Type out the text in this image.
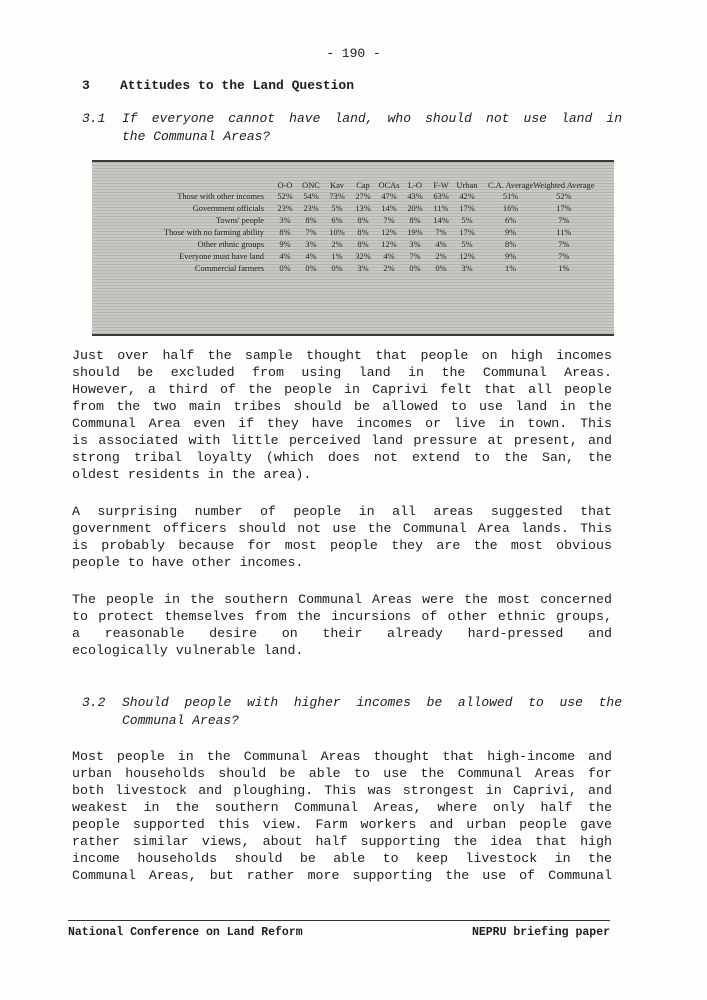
- 190 -
3 Attitudes to the Land Question
3.1 If everyone cannot have land, who should not use land in
the Communal Areas?
	O-O	ONC	Kav	Cap	OCAs	L-O	F-W	Urban		C.A. Average	Weighted Average
Those with other incomes	52%	54%	73%	27%	47%	43%	63%	42%		51%	52%
Government officials	23%	23%	5%	13%	14%	20%	11%	17%		16%	17%
Towns' people	3%	8%	6%	8%	7%	8%	14%	5%		6%	7%
Those with no farming ability	8%	7%	10%	8%	12%	19%	7%	17%		9%	11%
Other ethnic groups	9%	3%	2%	8%	12%	3%	4%	5%		8%	7%
Everyone must have land	4%	4%	1%	32%	4%	7%	2%	12%		9%	7%
Commercial farmers	0%	0%	0%	3%	2%	0%	0%	3%		1%	1%
Just over half the sample thought that people on high incomes
should be excluded from using land in the Communal Areas.
However, a third of the people in Caprivi felt that all people
from the two main tribes should be allowed to use land in the
Communal Area even if they have incomes or live in town. This
is associated with little perceived land pressure at present, and
strong tribal loyalty (which does not extend to the San, the
oldest residents in the area).
A surprising number of people in all areas suggested that
government officers should not use the Communal Area lands. This
is probably because for most people they are the most obvious
people to have other incomes.
The people in the southern Communal Areas were the most concerned
to protect themselves from the incursions of other ethnic groups,
a reasonable desire on their already hard-pressed and
ecologically vulnerable land.
3.2 Should people with higher incomes be allowed to use the
Communal Areas?
Most people in the Communal Areas thought that high-income and
urban households should be able to use the Communal Areas for
both livestock and ploughing. This was strongest in Caprivi, and
weakest in the southern Communal Areas, where only half the
people supported this view. Farm workers and urban people gave
rather similar views, about half supporting the idea that high
income households should be able to keep livestock in the
Communal Areas, but rather more supporting the use of Communal
National Conference on Land Reform	NEPRU briefing paper
